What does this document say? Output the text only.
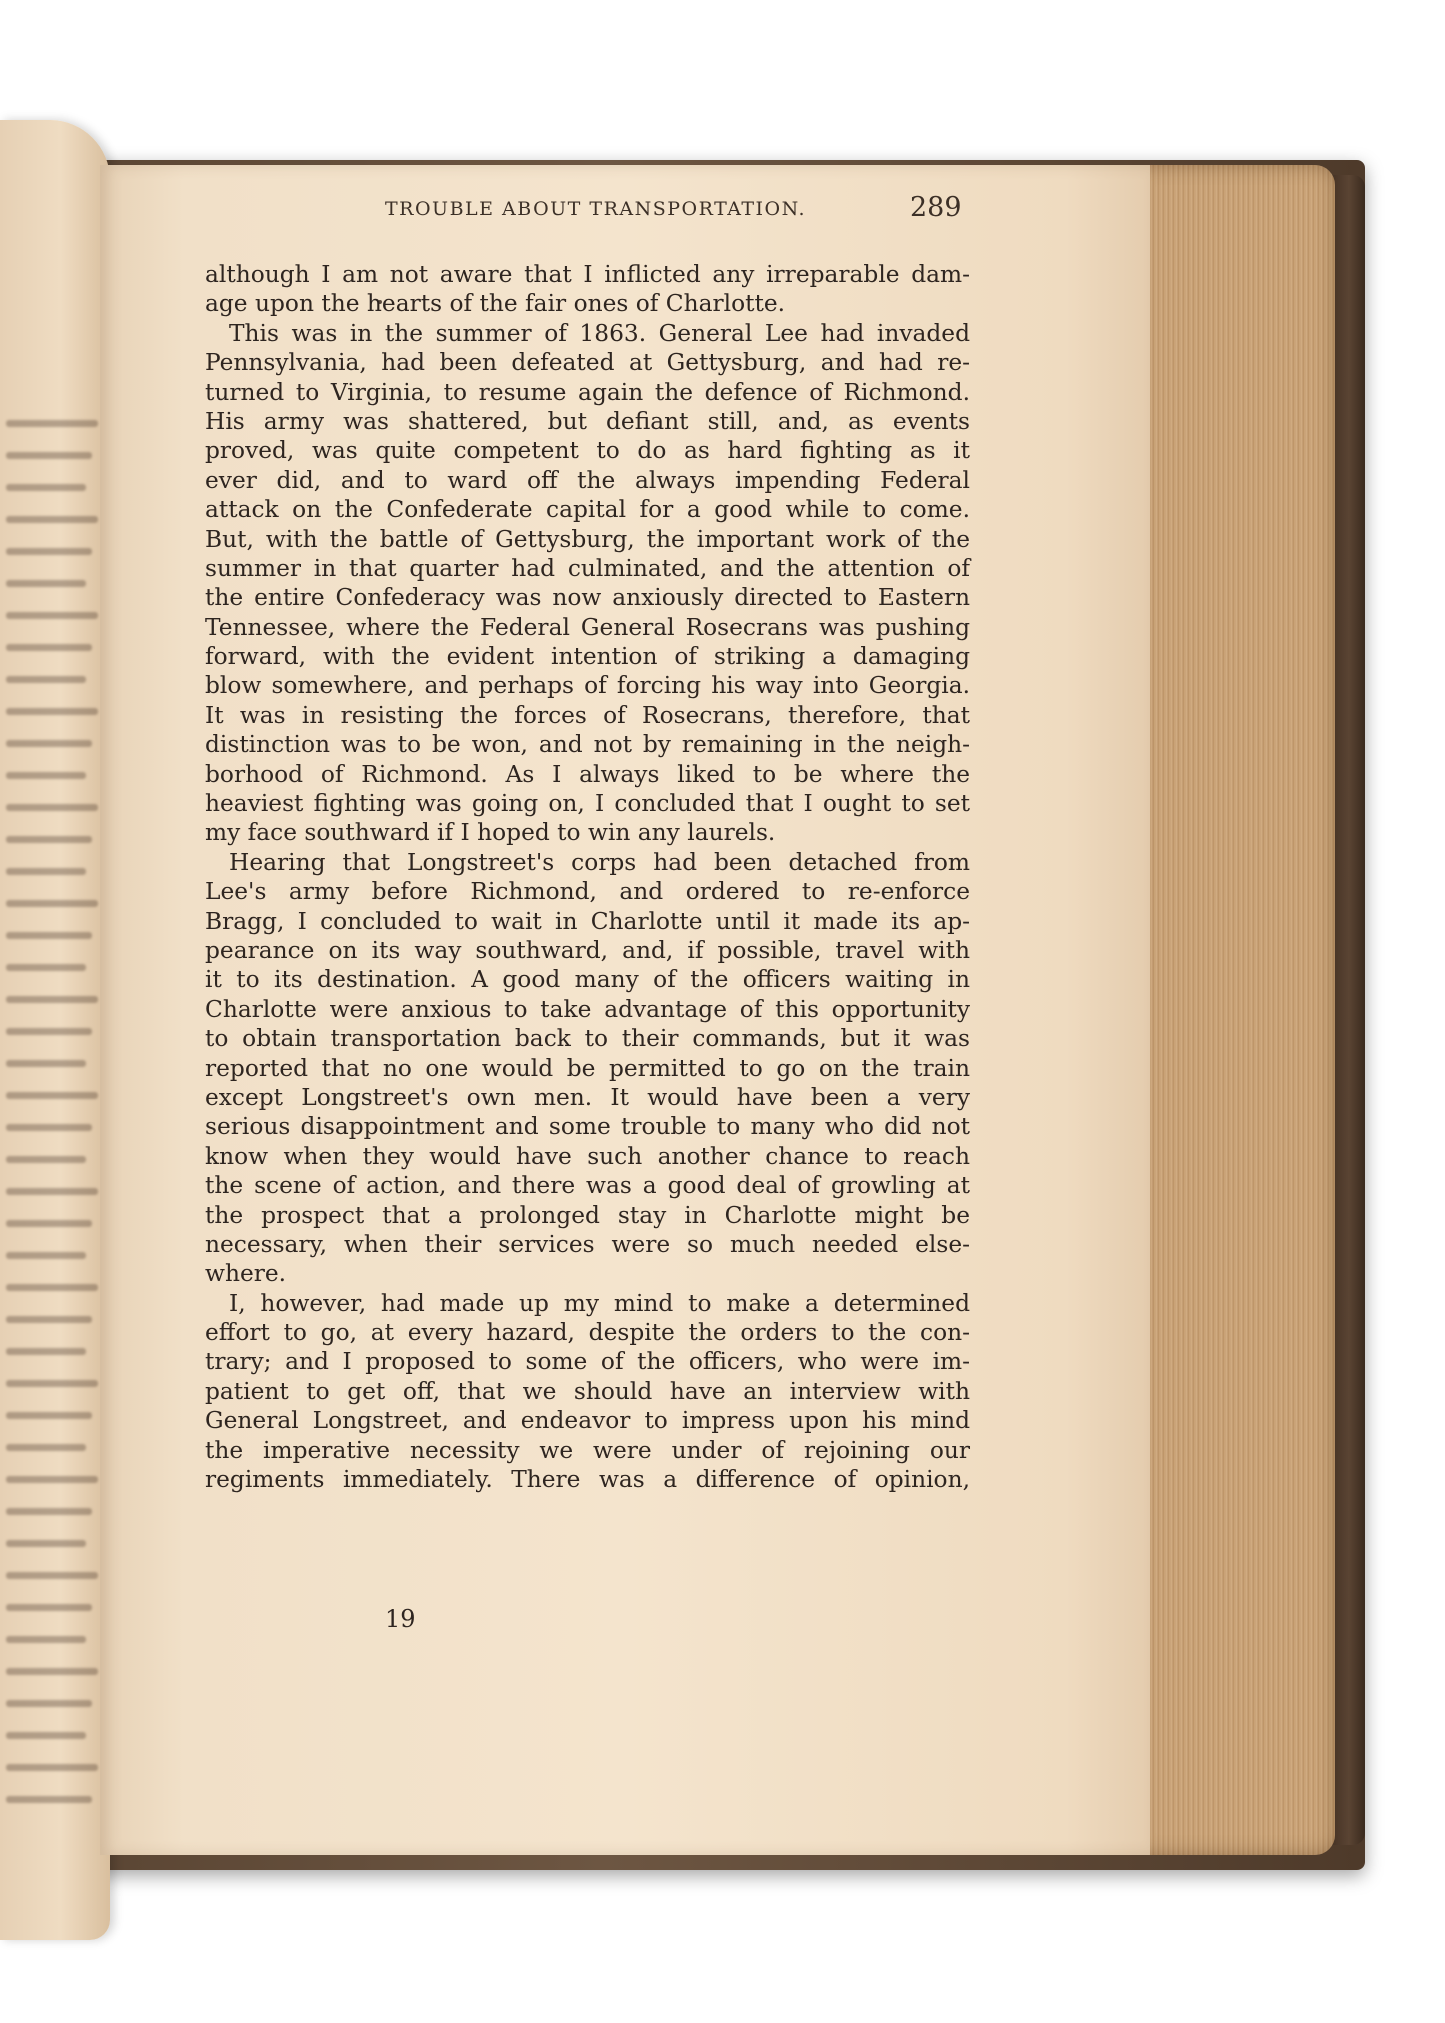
TROUBLE ABOUT TRANSPORTATION.	289
although I am not aware that I inflicted any irreparable dam-
age upon the hearts of the fair ones of Charlotte.
This was in the summer of 1863. General Lee had invaded
Pennsylvania, had been defeated at Gettysburg, and had re-
turned to Virginia, to resume again the defence of Richmond.
His army was shattered, but defiant still, and, as events
proved, was quite competent to do as hard fighting as it
ever did, and to ward off the always impending Federal
attack on the Confederate capital for a good while to come.
But, with the battle of Gettysburg, the important work of the
summer in that quarter had culminated, and the attention of
the entire Confederacy was now anxiously directed to Eastern
Tennessee, where the Federal General Rosecrans was pushing
forward, with the evident intention of striking a damaging
blow somewhere, and perhaps of forcing his way into Georgia.
It was in resisting the forces of Rosecrans, therefore, that
distinction was to be won, and not by remaining in the neigh-
borhood of Richmond. As I always liked to be where the
heaviest fighting was going on, I concluded that I ought to set
my face southward if I hoped to win any laurels.
Hearing that Longstreet's corps had been detached from
Lee's army before Richmond, and ordered to re-enforce
Bragg, I concluded to wait in Charlotte until it made its ap-
pearance on its way southward, and, if possible, travel with
it to its destination. A good many of the officers waiting in
Charlotte were anxious to take advantage of this opportunity
to obtain transportation back to their commands, but it was
reported that no one would be permitted to go on the train
except Longstreet's own men. It would have been a very
serious disappointment and some trouble to many who did not
know when they would have such another chance to reach
the scene of action, and there was a good deal of growling at
the prospect that a prolonged stay in Charlotte might be
necessary, when their services were so much needed else-
where.
I, however, had made up my mind to make a determined
effort to go, at every hazard, despite the orders to the con-
trary; and I proposed to some of the officers, who were im-
patient to get off, that we should have an interview with
General Longstreet, and endeavor to impress upon his mind
the imperative necessity we were under of rejoining our
regiments immediately. There was a difference of opinion,
19
